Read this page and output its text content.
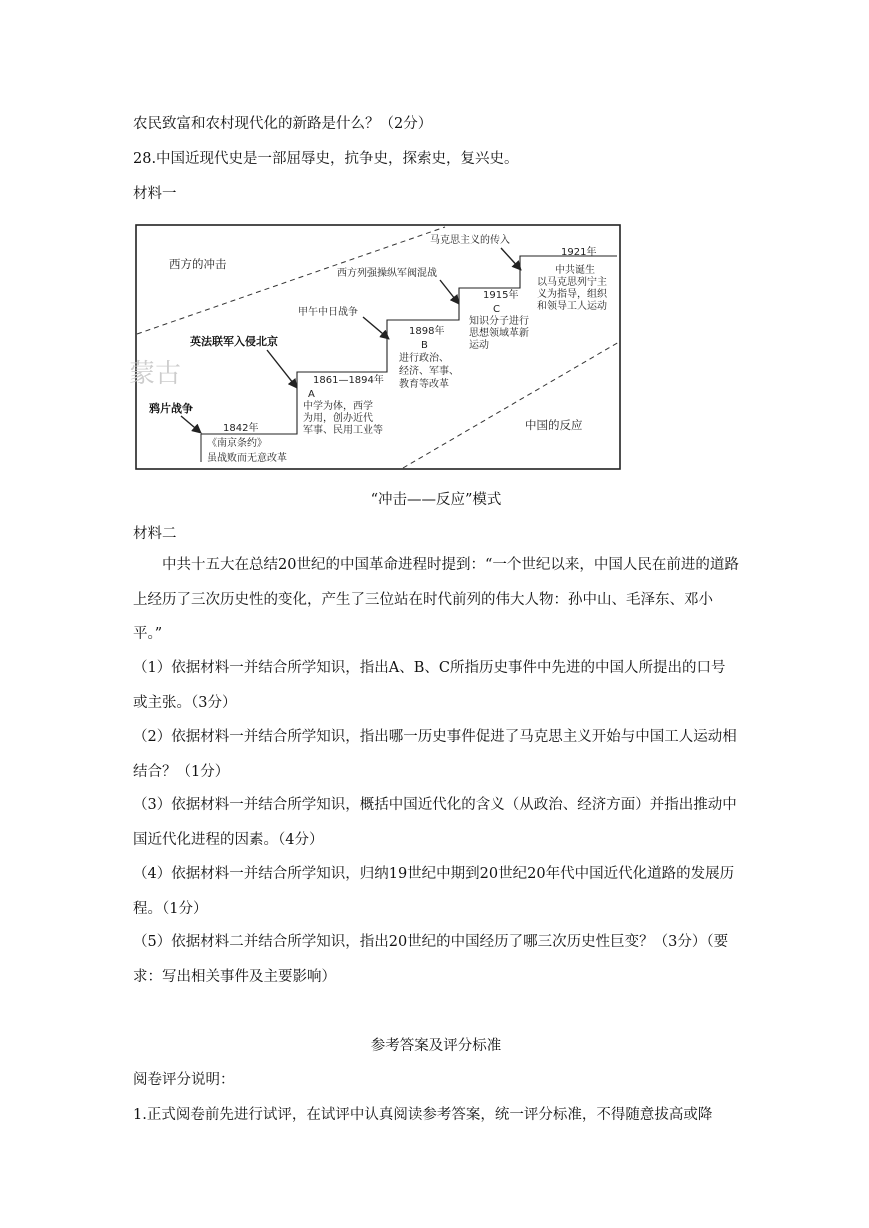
农民致富和农村现代化的新路是什么？（2分）
28.中国近现代史是一部屈辱史，抗争史，探索史，复兴史。
材料一
西方的冲击
中国的反应
蒙古
鸦片战争
1842年
《南京条约》
虽战败而无意改革
英法联军入侵北京
1861—1894年
A
中学为体，西学
为用，创办近代
军事、民用工业等
甲午中日战争
1898年
B
进行政治、
经济、军事、
教育等改革
西方列强操纵军阀混战
1915年
C
知识分子进行
思想领域革新
运动
马克思主义的传入
1921年
中共诞生
以马克思列宁主
义为指导，组织
和领导工人运动
“冲击——反应”模式
材料二
中共十五大在总结20世纪的中国革命进程时提到：“一个世纪以来，中国人民在前进的道路上经历了三次历史性的变化，产生了三位站在时代前列的伟大人物：孙中山、毛泽东、邓小平。”
（1）依据材料一并结合所学知识，指出A、B、C所指历史事件中先进的中国人所提出的口号或主张。（3分）
（2）依据材料一并结合所学知识，指出哪一历史事件促进了马克思主义开始与中国工人运动相结合？（1分）
（3）依据材料一并结合所学知识，概括中国近代化的含义（从政治、经济方面）并指出推动中国近代化进程的因素。（4分）
（4）依据材料一并结合所学知识，归纳19世纪中期到20世纪20年代中国近代化道路的发展历程。（1分）
（5）依据材料二并结合所学知识，指出20世纪的中国经历了哪三次历史性巨变？（3分）（要求：写出相关事件及主要影响）
参考答案及评分标准
阅卷评分说明：
1.正式阅卷前先进行试评，在试评中认真阅读参考答案，统一评分标准，不得随意拔高或降
